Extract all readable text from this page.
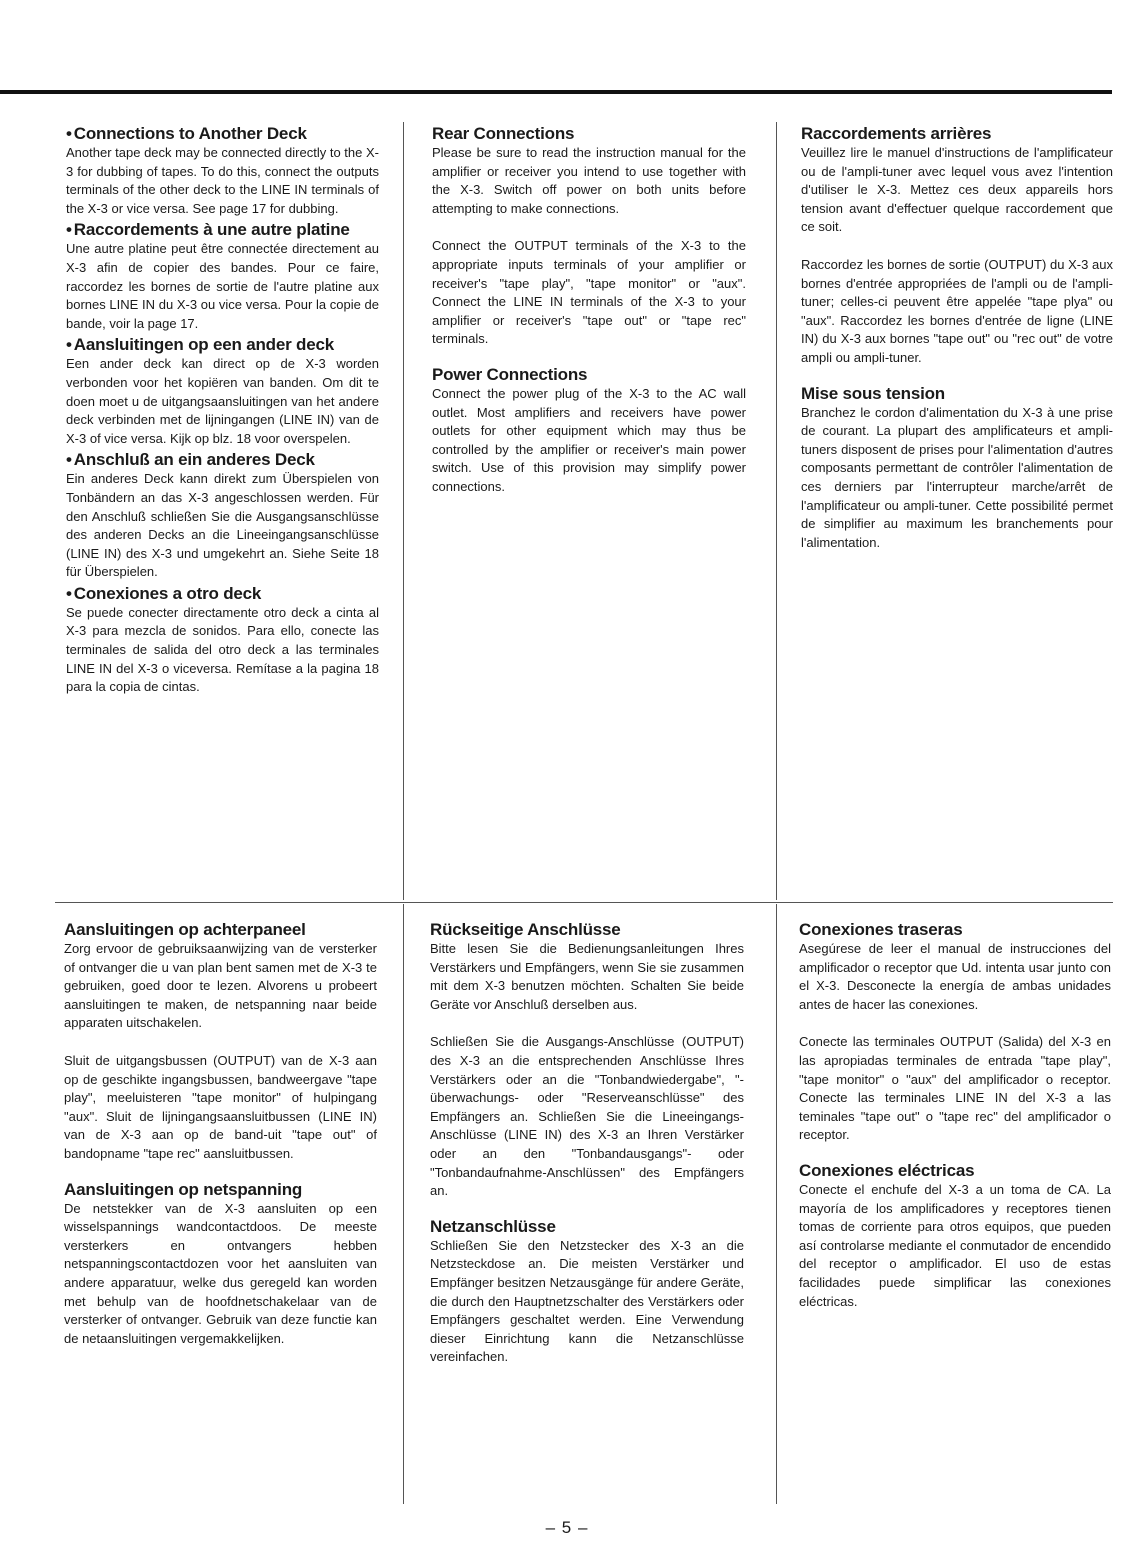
• Connections to Another Deck

Another tape deck may be connected directly to the X-3 for dubbing of tapes. To do this, connect the outputs terminals of the other deck to the LINE IN terminals of the X-3 or vice versa. See page 17 for dubbing.

• Raccordements à une autre platine

Une autre platine peut être connectée directement au X-3 afin de copier des bandes. Pour ce faire, raccordez les bornes de sortie de l'autre platine aux bornes LINE IN du X-3 ou vice versa. Pour la copie de bande, voir la page 17.

• Aansluitingen op een ander deck

Een ander deck kan direct op de X-3 worden verbonden voor het kopiëren van banden. Om dit te doen moet u de uitgangsaansluitingen van het andere deck verbinden met de lijningangen (LINE IN) van de X-3 of vice versa. Kijk op blz. 18 voor overspelen.

• Anschluß an ein anderes Deck

Ein anderes Deck kann direkt zum Überspielen von Tonbändern an das X-3 angeschlossen werden. Für den Anschluß schließen Sie die Ausgangsanschlüsse des anderen Decks an die Lineeingangsanschlüsse (LINE IN) des X-3 und umgekehrt an. Siehe Seite 18 für Überspielen.

• Conexiones a otro deck

Se puede conecter directamente otro deck a cinta al X-3 para mezcla de sonidos. Para ello, conecte las terminales de salida del otro deck a las terminales LINE IN del X-3 o viceversa. Remítase a la pagina 18 para la copia de cintas.

Rear Connections

Please be sure to read the instruction manual for the amplifier or receiver you intend to use together with the X-3. Switch off power on both units before attempting to make connections.

Connect the OUTPUT terminals of the X-3 to the appropriate inputs terminals of your amplifier or receiver's "tape play", "tape monitor" or "aux". Connect the LINE IN terminals of the X-3 to your amplifier or receiver's "tape out" or "tape rec" terminals.

Power Connections

Connect the power plug of the X-3 to the AC wall outlet. Most amplifiers and receivers have power outlets for other equipment which may thus be controlled by the amplifier or receiver's main power switch. Use of this provision may simplify power connections.

Raccordements arrières

Veuillez lire le manuel d'instructions de l'amplificateur ou de l'ampli-tuner avec lequel vous avez l'intention d'utiliser le X-3. Mettez ces deux appareils hors tension avant d'effectuer quelque raccordement que ce soit.

Raccordez les bornes de sortie (OUTPUT) du X-3 aux bornes d'entrée appropriées de l'ampli ou de l'ampli-tuner; celles-ci peuvent être appelée "tape plya" ou "aux". Raccordez les bornes d'entrée de ligne (LINE IN) du X-3 aux bornes "tape out" ou "rec out" de votre ampli ou ampli-tuner.

Mise sous tension

Branchez le cordon d'alimentation du X-3 à une prise de courant. La plupart des amplificateurs et ampli-tuners disposent de prises pour l'alimentation d'autres composants permettant de contrôler l'alimentation de ces derniers par l'interrupteur marche/arrêt de l'amplificateur ou ampli-tuner. Cette possibilité permet de simplifier au maximum les branchements pour l'alimentation.

Aansluitingen op achterpaneel

Zorg ervoor de gebruiksaanwijzing van de versterker of ontvanger die u van plan bent samen met de X-3 te gebruiken, goed door te lezen. Alvorens u probeert aansluitingen te maken, de netspanning naar beide apparaten uitschakelen.

Sluit de uitgangsbussen (OUTPUT) van de X-3 aan op de geschikte ingangsbussen, bandweergave "tape play", meeluisteren "tape monitor" of hulpingang "aux". Sluit de lijningangsaansluitbussen (LINE IN) van de X-3 aan op de band-uit "tape out" of bandopname "tape rec" aansluitbussen.

Aansluitingen op netspanning

De netstekker van de X-3 aansluiten op een wisselspannings wandcontactdoos. De meeste versterkers en ontvangers hebben netspanningscontactdozen voor het aansluiten van andere apparatuur, welke dus geregeld kan worden met behulp van de hoofdnetschakelaar van de versterker of ontvanger. Gebruik van deze functie kan de netaansluitingen vergemakkelijken.

Rückseitige Anschlüsse

Bitte lesen Sie die Bedienungsanleitungen Ihres Verstärkers und Empfängers, wenn Sie sie zusammen mit dem X-3 benutzen möchten. Schalten Sie beide Geräte vor Anschluß derselben aus.

Schließen Sie die Ausgangs-Anschlüsse (OUTPUT) des X-3 an die entsprechenden Anschlüsse Ihres Verstärkers oder an die "Tonbandwiedergabe", "-überwachungs- oder "Reserveanschlüsse" des Empfängers an. Schließen Sie die Lineeingangs-Anschlüsse (LINE IN) des X-3 an Ihren Verstärker oder an den "Tonbandausgangs"- oder "Tonbandaufnahme-Anschlüssen" des Empfängers an.

Netzanschlüsse

Schließen Sie den Netzstecker des X-3 an die Netzsteckdose an. Die meisten Verstärker und Empfänger besitzen Netzausgänge für andere Geräte, die durch den Hauptnetzschalter des Verstärkers oder Empfängers geschaltet werden. Eine Verwendung dieser Einrichtung kann die Netzanschlüsse vereinfachen.

Conexiones traseras

Asegúrese de leer el manual de instrucciones del amplificador o receptor que Ud. intenta usar junto con el X-3. Desconecte la energía de ambas unidades antes de hacer las conexiones.

Conecte las terminales OUTPUT (Salida) del X-3 en las apropiadas terminales de entrada "tape play", "tape monitor" o "aux" del amplificador o receptor. Conecte las terminales LINE IN del X-3 a las teminales "tape out" o "tape rec" del amplificador o receptor.

Conexiones eléctricas

Conecte el enchufe del X-3 a un toma de CA. La mayoría de los amplificadores y receptores tienen tomas de corriente para otros equipos, que pueden así controlarse mediante el conmutador de encendido del receptor o amplificador. El uso de estas facilidades puede simplificar las conexiones eléctricas.

– 5 –
